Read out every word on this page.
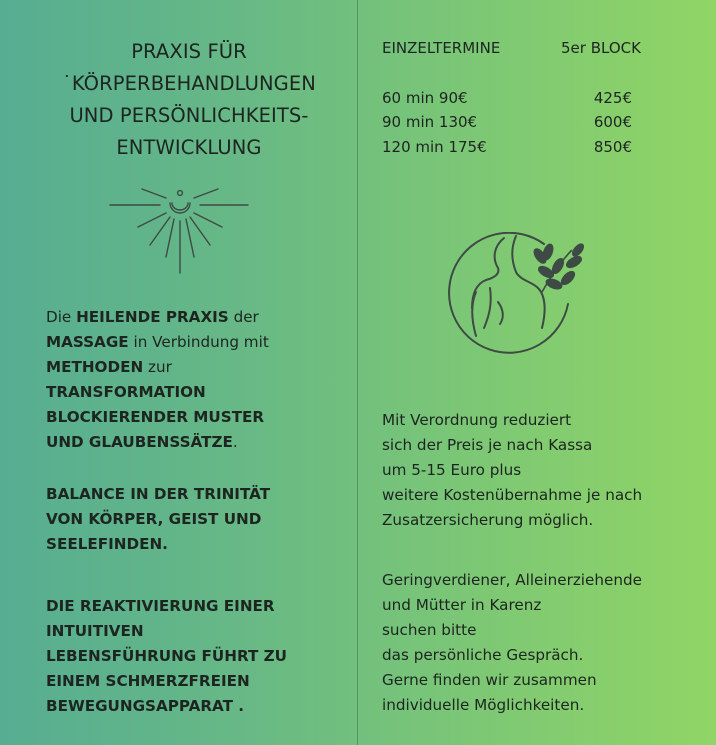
PRAXIS FÜR
˙KÖRPERBEHANDLUNGEN
UND PERSÖNLICHKEITS-
ENTWICKLUNG
Die HEILENDE PRAXIS der
MASSAGE in Verbindung mit
METHODEN zur
TRANSFORMATION
BLOCKIERENDER MUSTER
UND GLAUBENSSÄTZE.
BALANCE IN DER TRINITÄT
VON KÖRPER, GEIST UND
SEELEFINDEN.
DIE REAKTIVIERUNG EINER
INTUITIVEN
LEBENSFÜHRUNG FÜHRT ZU
EINEM SCHMERZFREIEN
BEWEGUNGSAPPARAT .
EINZELTERMINE	5er BLOCK
60 min 90€	425€
90 min 130€	600€
120 min 175€	850€
Mit Verordnung reduziert
sich der Preis je nach Kassa
um 5-15 Euro plus
weitere Kostenübernahme je nach
Zusatzersicherung möglich.
Geringverdiener, Alleinerziehende
und Mütter in Karenz
suchen bitte
das persönliche Gespräch.
Gerne finden wir zusammen
individuelle Möglichkeiten.
